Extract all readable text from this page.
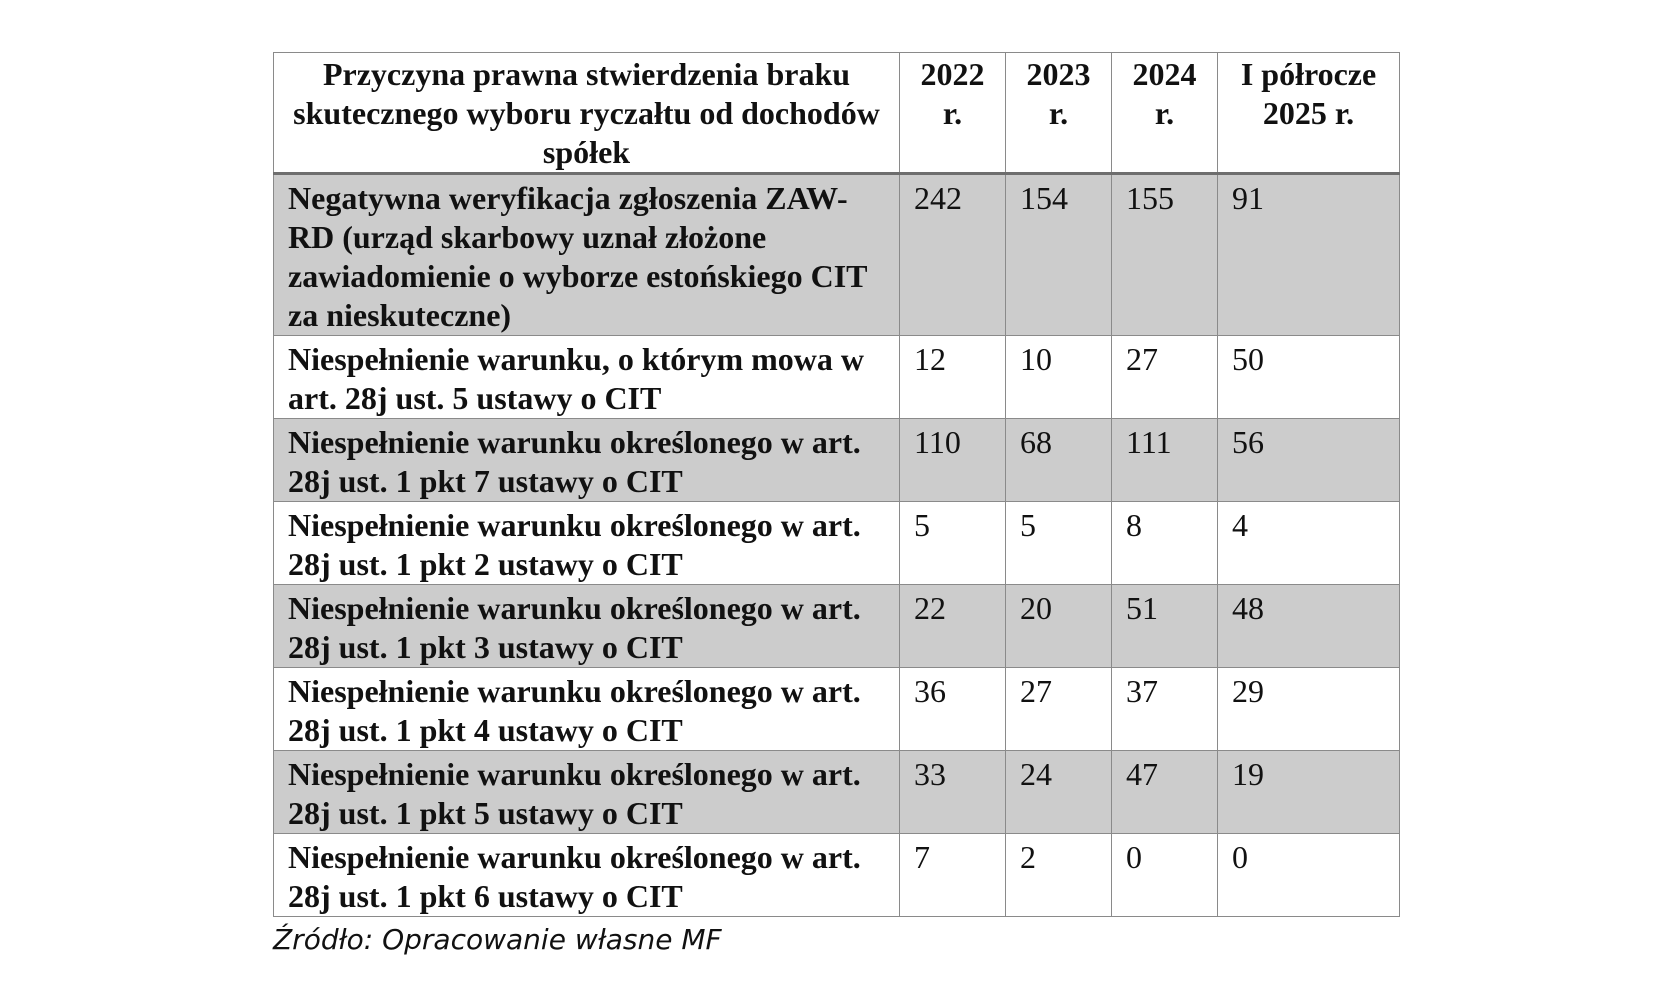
Przyczyna prawna stwierdzenia braku skutecznego wyboru ryczałtu od dochodów spółek	2022 r.	2023 r.	2024 r.	I półrocze 2025 r.
Negatywna weryfikacja zgłoszenia ZAW-RD (urząd skarbowy uznał złożone zawiadomienie o wyborze estońskiego CIT za nieskuteczne)	242	154	155	91
Niespełnienie warunku, o którym mowa w art. 28j ust. 5 ustawy o CIT	12	10	27	50
Niespełnienie warunku określonego w art. 28j ust. 1 pkt 7 ustawy o CIT	110	68	111	56
Niespełnienie warunku określonego w art. 28j ust. 1 pkt 2 ustawy o CIT	5	5	8	4
Niespełnienie warunku określonego w art. 28j ust. 1 pkt 3 ustawy o CIT	22	20	51	48
Niespełnienie warunku określonego w art. 28j ust. 1 pkt 4 ustawy o CIT	36	27	37	29
Niespełnienie warunku określonego w art. 28j ust. 1 pkt 5 ustawy o CIT	33	24	47	19
Niespełnienie warunku określonego w art. 28j ust. 1 pkt 6 ustawy o CIT	7	2	0	0
Źródło: Opracowanie własne MF
